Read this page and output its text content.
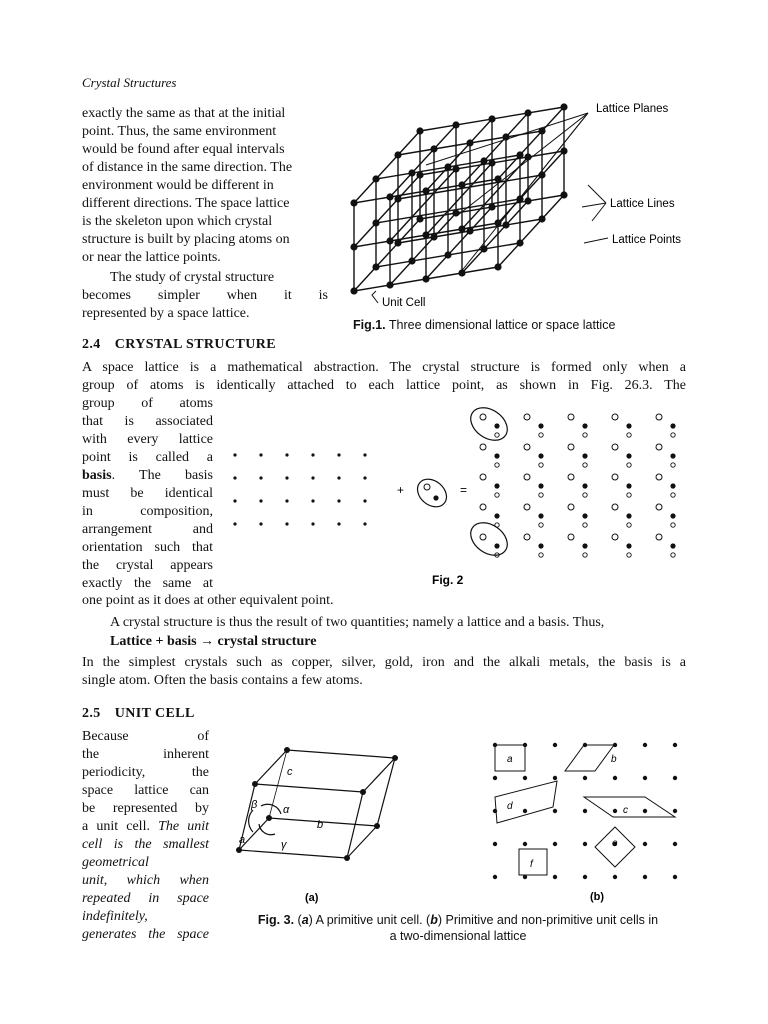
Crystal Structures
exactly the same as that at the initial
point. Thus, the same environment
would be found after equal intervals
of distance in the same direction. The
environment would be different in
different directions. The space lattice
is the skeleton upon which crystal
structure is built by placing atoms on
or near the lattice points.
The study of crystal structure
becomes simpler when it is
represented by a space lattice.
Lattice Planes
Lattice Lines
Lattice Points
Unit Cell
Fig.1. Three dimensional lattice or space lattice
2.4 CRYSTAL STRUCTURE
A space lattice is a mathematical abstraction. The crystal structure is formed only when a
group of atoms is identically attached to each lattice point, as shown in Fig. 26.3. The
group of atoms
that is associated
with every lattice
point is called a
basis. The basis
must be identical
in composition,
arrangement and
orientation such that
the crystal appears
exactly the same at
one point as it does at other equivalent point.
+	=
Fig. 2
A crystal structure is thus the result of two quantities; namely a lattice and a basis. Thus,
Lattice + basis → crystal structure
In the simplest crystals such as copper, silver, gold, iron and the alkali metals, the basis is a
single atom. Often the basis contains a few atoms.
2.5 UNIT CELL
Because of
the inherent
periodicity, the
space lattice can
be represented by
a unit cell. The unit
cell is the smallest
geometrical
unit, which when
repeated in space
indefinitely,
generates the space
c
b
a
α
β
γ
(a)
a	b
c
d
e
f
(b)
Fig. 3. (a) A primitive unit cell. (b) Primitive and non-primitive unit cells in
a two-dimensional lattice
